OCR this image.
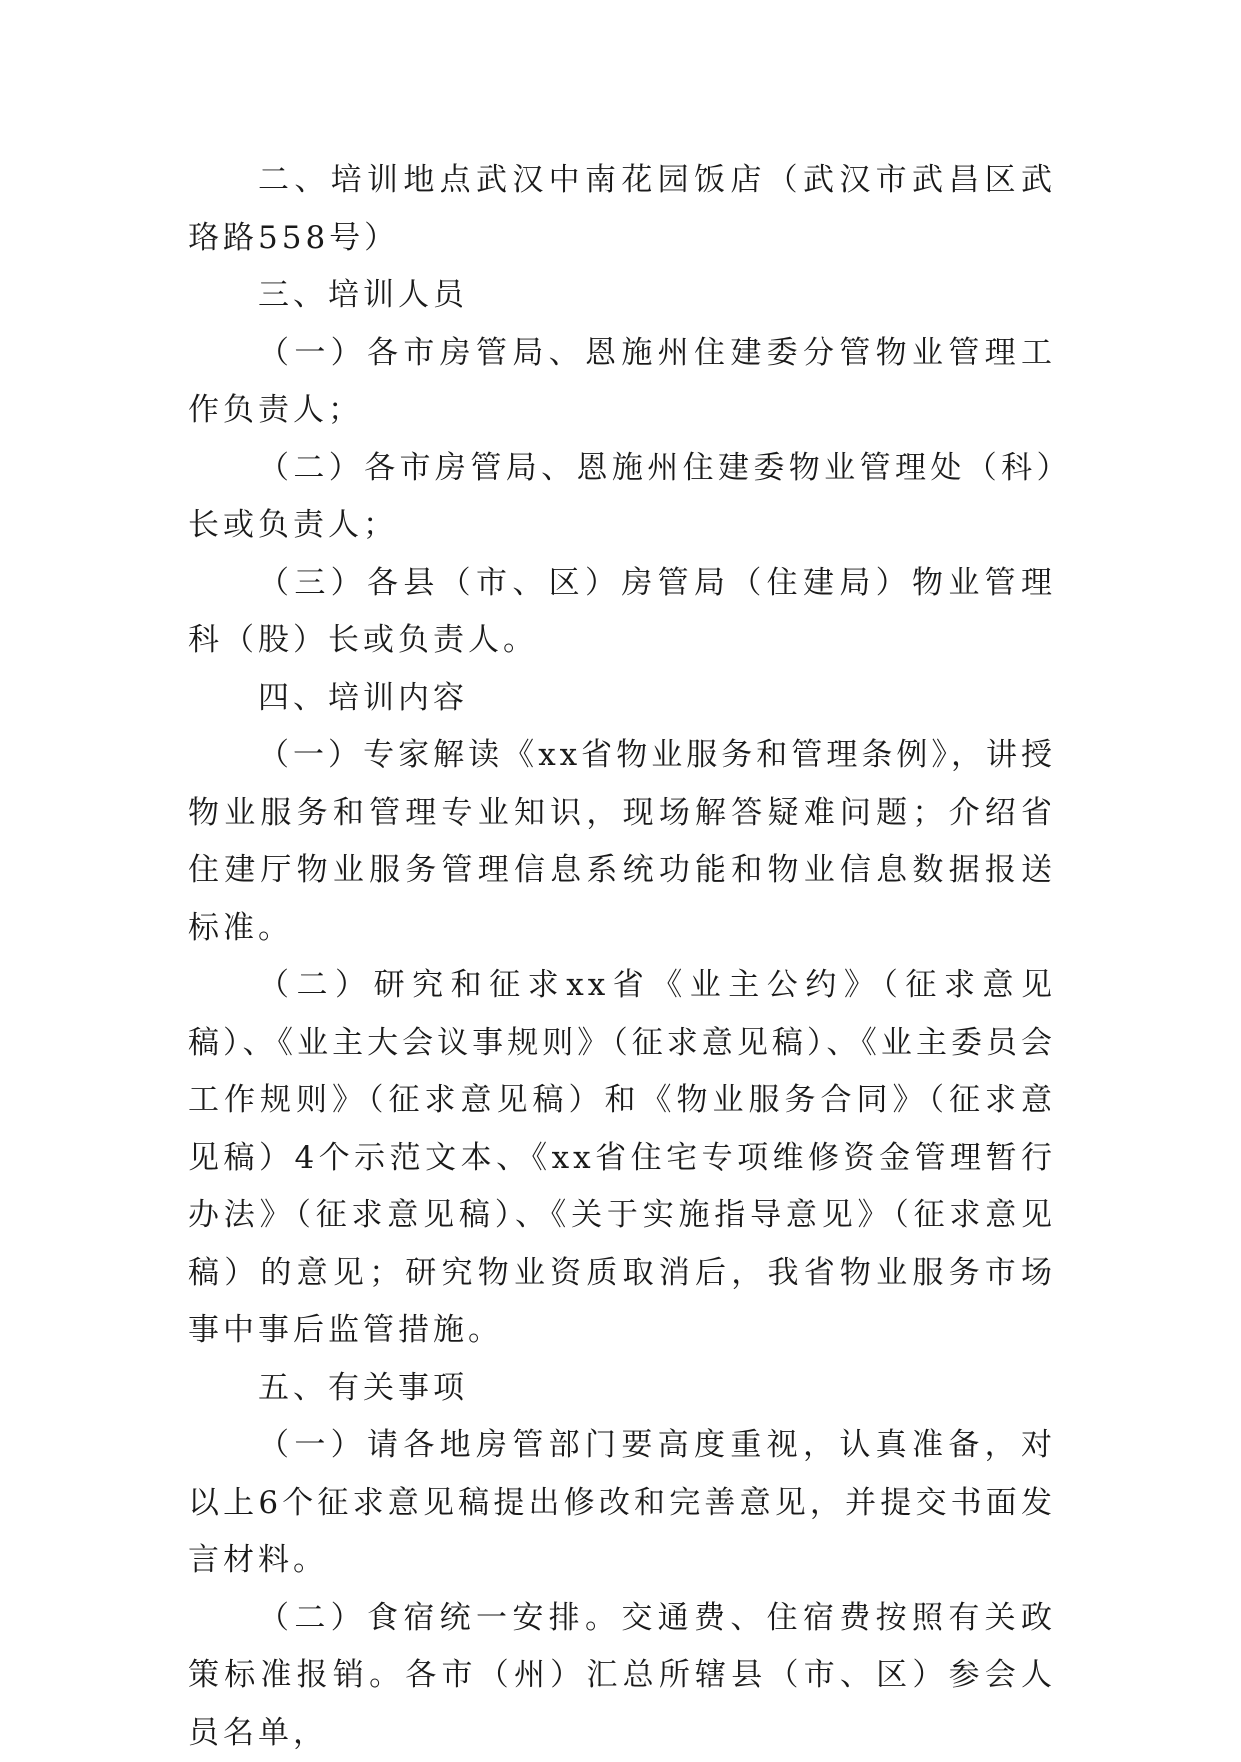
二、培训地点武汉中南花园饭店（武汉市武昌区武珞路558号）

三、培训人员

（一）各市房管局、恩施州住建委分管物业管理工作负责人；

（二）各市房管局、恩施州住建委物业管理处（科）长或负责人；

（三）各县（市、区）房管局（住建局）物业管理科（股）长或负责人。

四、培训内容

（一）专家解读《xx省物业服务和管理条例》，讲授物业服务和管理专业知识，现场解答疑难问题；介绍省住建厅物业服务管理信息系统功能和物业信息数据报送标准。

（二）研究和征求xx省《业主公约》（征求意见稿）、《业主大会议事规则》（征求意见稿）、《业主委员会工作规则》（征求意见稿）和《物业服务合同》（征求意见稿）4个示范文本、《xx省住宅专项维修资金管理暂行办法》（征求意见稿）、《关于实施指导意见》（征求意见稿）的意见；研究物业资质取消后，我省物业服务市场事中事后监管措施。

五、有关事项

（一）请各地房管部门要高度重视，认真准备，对以上6个征求意见稿提出修改和完善意见，并提交书面发言材料。

（二）食宿统一安排。交通费、住宿费按照有关政策标准报销。各市（州）汇总所辖县（市、区）参会人员名单，
